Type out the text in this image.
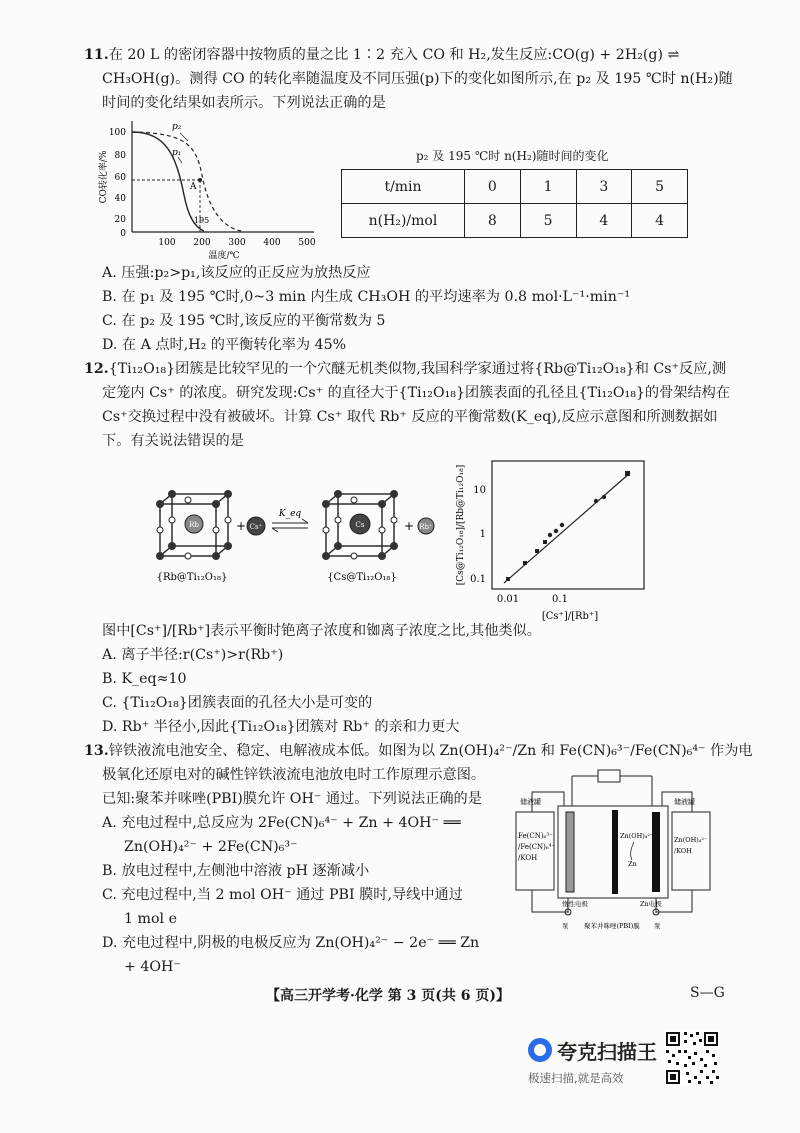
11.在 20 L 的密闭容器中按物质的量之比 1∶2 充入 CO 和 H₂,发生反应:CO(g) + 2H₂(g) ⇌
CH₃OH(g)。测得 CO 的转化率随温度及不同压强(p)下的变化如图所示,在 p₂ 及 195 ℃时 n(H₂)随
时间的变化结果如表所示。下列说法正确的是
100
80
60
40
20
0
100 200 300 400 500
CO转化率/%
温度/℃
A
195
p₂
p₁	p₂ 及 195 ℃时 n(H₂)随时间的变化
t/min	0	1	3	5
n(H₂)/mol	8	5	4	4
A. 压强:p₂>p₁,该反应的正反应为放热反应
B. 在 p₁ 及 195 ℃时,0~3 min 内生成 CH₃OH 的平均速率为 0.8 mol·L⁻¹·min⁻¹
C. 在 p₂ 及 195 ℃时,该反应的平衡常数为 5
D. 在 A 点时,H₂ 的平衡转化率为 45%
12.{Ti₁₂O₁₈}团簇是比较罕见的一个穴醚无机类似物,我国科学家通过将{Rb@Ti₁₂O₁₈}和 Cs⁺反应,测
定笼内 Cs⁺ 的浓度。研究发现:Cs⁺ 的直径大于{Ti₁₂O₁₈}团簇表面的孔径且{Ti₁₂O₁₈}的骨架结构在
Cs⁺交换过程中没有被破坏。计算 Cs⁺ 取代 Rb⁺ 反应的平衡常数(K_eq),反应示意图和所测数据如
下。有关说法错误的是
Rb	+ Cs⁺
K_eq
Cs	+ Rb⁺
{Rb@Ti₁₂O₁₈}	{Cs@Ti₁₂O₁₈}
10
1
0.1
0.01	0.1
[Cs⁺]/[Rb⁺]
[Cs@Ti₁₂O₁₈]/[Rb@Ti₁₂O₁₈]
图中[Cs⁺]/[Rb⁺]表示平衡时铯离子浓度和铷离子浓度之比,其他类似。
A. 离子半径:r(Cs⁺)>r(Rb⁺)
B. K_eq≈10
C. {Ti₁₂O₁₈}团簇表面的孔径大小是可变的
D. Rb⁺ 半径小,因此{Ti₁₂O₁₈}团簇对 Rb⁺ 的亲和力更大
13.锌铁液流电池安全、稳定、电解液成本低。如图为以 Zn(OH)₄²⁻/Zn 和 Fe(CN)₆³⁻/Fe(CN)₆⁴⁻ 作为电
极氧化还原电对的碱性锌铁液流电池放电时工作原理示意图。
已知:聚苯并咪唑(PBI)膜允许 OH⁻ 通过。下列说法正确的是
A. 充电过程中,总反应为 2Fe(CN)₆⁴⁻ + Zn + 4OH⁻ ══
Zn(OH)₄²⁻ + 2Fe(CN)₆³⁻
B. 放电过程中,左侧池中溶液 pH 逐渐减小
C. 充电过程中,当 2 mol OH⁻ 通过 PBI 膜时,导线中通过
1 mol e
D. 充电过程中,阴极的电极反应为 Zn(OH)₄²⁻ − 2e⁻ ══ Zn
+ 4OH⁻
储液罐
Fe(CN)₆³⁻
/Fe(CN)₆⁴⁻
/KOH
Zn(OH)₄²⁻
Zn
储液罐
Zn(OH)₄²⁻
/KOH
惰性电极	Zn电极
泵	泵
聚苯并咪唑(PBI)膜
【高三开学考·化学 第 3 页(共 6 页)】	S—G
夸克扫描王
极速扫描,就是高效
